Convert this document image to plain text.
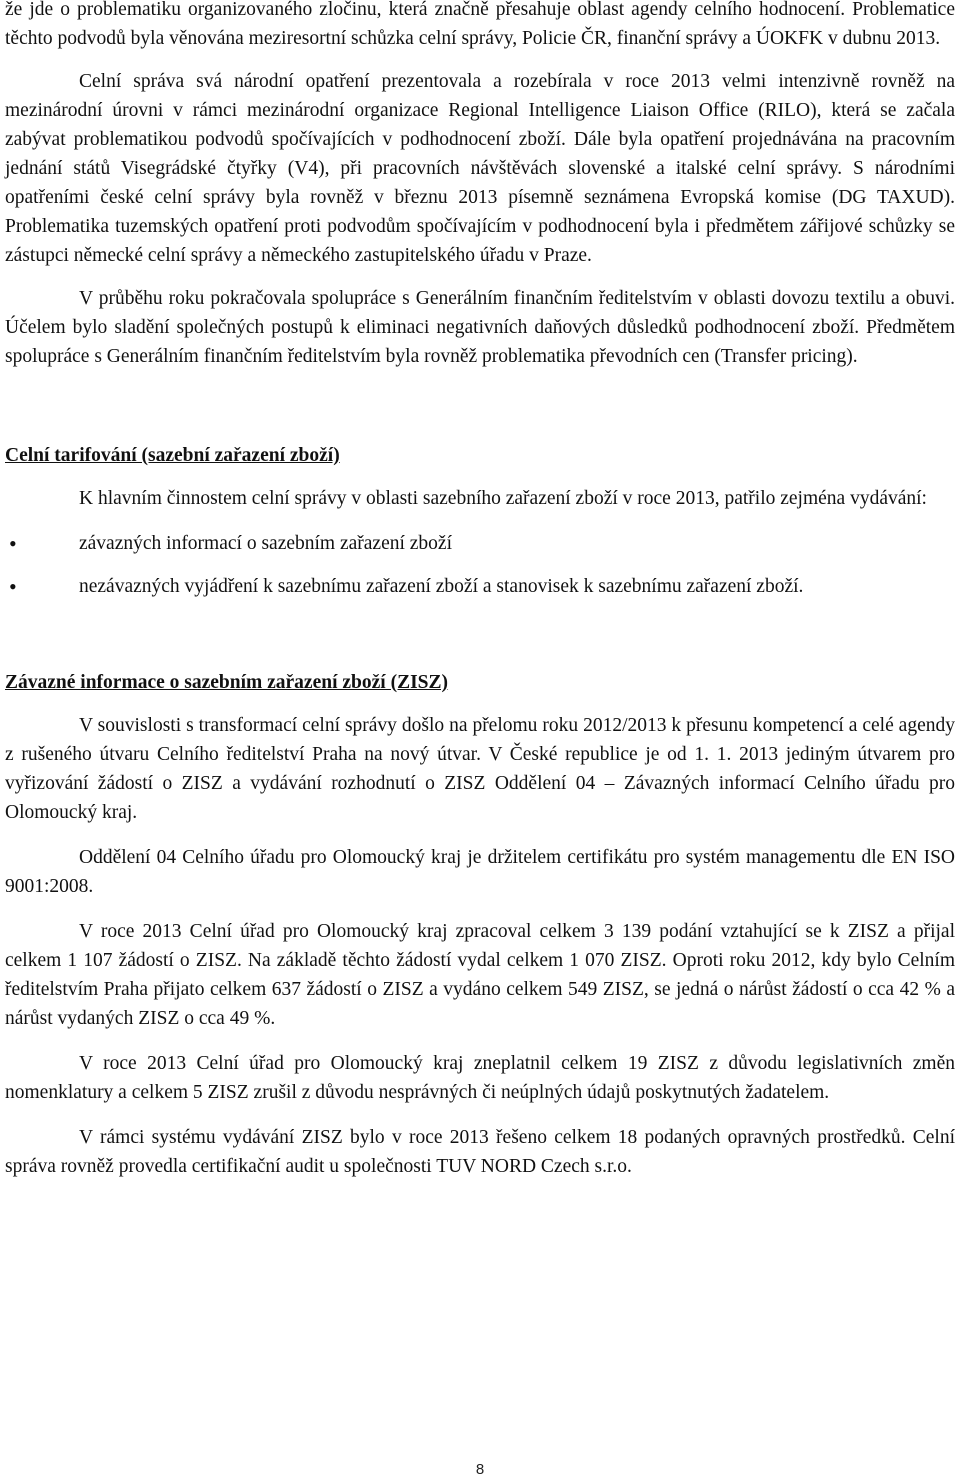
že jde o problematiku organizovaného zločinu, která značně přesahuje oblast agendy celního hodnocení. Problematice těchto podvodů byla věnována meziresortní schůzka celní správy, Policie ČR, finanční správy a ÚOKFK v dubnu 2013.

Celní správa svá národní opatření prezentovala a rozebírala v roce 2013 velmi intenzivně rovněž na mezinárodní úrovni v rámci mezinárodní organizace Regional Intelligence Liaison Office (RILO), která se začala zabývat problematikou podvodů spočívajících v podhodnocení zboží. Dále byla opatření projednávána na pracovním jednání států Visegrádské čtyřky (V4), při pracovních návštěvách slovenské a italské celní správy. S národními opatřeními české celní správy byla rovněž v březnu 2013 písemně seznámena Evropská komise (DG TAXUD). Problematika tuzemských opatření proti podvodům spočívajícím v podhodnocení byla i předmětem zářijové schůzky se zástupci německé celní správy a německého zastupitelského úřadu v Praze.

V průběhu roku pokračovala spolupráce s Generálním finančním ředitelstvím v oblasti dovozu textilu a obuvi. Účelem bylo sladění společných postupů k eliminaci negativních daňových důsledků podhodnocení zboží. Předmětem spolupráce s Generálním finančním ředitelstvím byla rovněž problematika převodních cen (Transfer pricing).

Celní tarifování (sazební zařazení zboží)

K hlavním činnostem celní správy v oblasti sazebního zařazení zboží v roce 2013, patřilo zejména vydávání:

• závazných informací o sazebním zařazení zboží
• nezávazných vyjádření k sazebnímu zařazení zboží a stanovisek k sazebnímu zařazení zboží.
Závazné informace o sazebním zařazení zboží (ZISZ)

V souvislosti s transformací celní správy došlo na přelomu roku 2012/2013 k přesunu kompetencí a celé agendy z rušeného útvaru Celního ředitelství Praha na nový útvar. V České republice je od 1. 1. 2013 jediným útvarem pro vyřizování žádostí o ZISZ a vydávání rozhodnutí o ZISZ Oddělení 04 – Závazných informací Celního úřadu pro Olomoucký kraj.

Oddělení 04 Celního úřadu pro Olomoucký kraj je držitelem certifikátu pro systém managementu dle EN ISO 9001:2008.

V roce 2013 Celní úřad pro Olomoucký kraj zpracoval celkem 3 139 podání vztahující se k ZISZ a přijal celkem 1 107 žádostí o ZISZ. Na základě těchto žádostí vydal celkem 1 070 ZISZ. Oproti roku 2012, kdy bylo Celním ředitelstvím Praha přijato celkem 637 žádostí o ZISZ a vydáno celkem 549 ZISZ, se jedná o nárůst žádostí o cca 42 % a nárůst vydaných ZISZ o cca 49 %.

V roce 2013 Celní úřad pro Olomoucký kraj zneplatnil celkem 19 ZISZ z důvodu legislativních změn nomenklatury a celkem 5 ZISZ zrušil z důvodu nesprávných či neúplných údajů poskytnutých žadatelem.

V rámci systému vydávání ZISZ bylo v roce 2013 řešeno celkem 18 podaných opravných prostředků. Celní správa rovněž provedla certifikační audit u společnosti TUV NORD Czech s.r.o.

8
